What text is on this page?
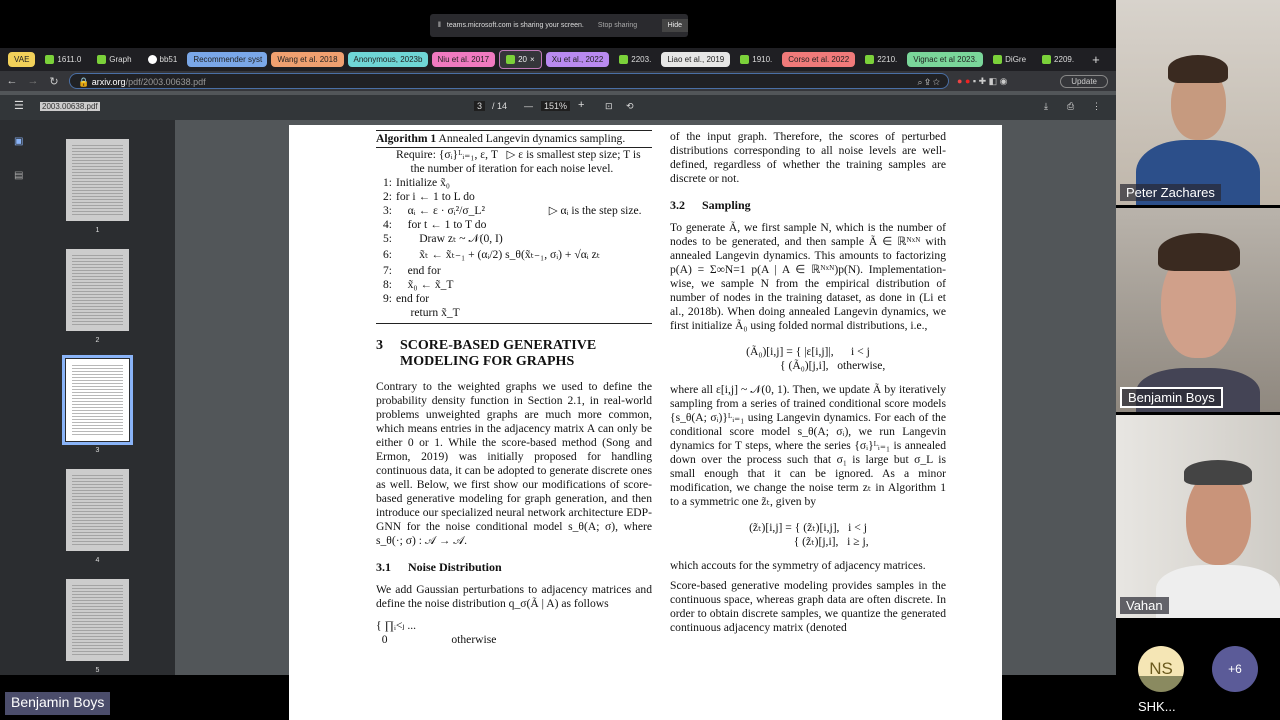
VAE	1611.0	Graph	bb51 Recommender syst Wang et al. 2018 Anonymous, 2023b Niu et al. 2017	20 × Xu et al., 2022	2203. Liao et al., 2019	1910. Corso et al. 2022	2210. Vignac et al 2023.	DiGre	2209. +
← → ↻	🔒 arxiv.org/pdf/2003.00638.pdf	⌕ ⇪ ☆ ● ● ▪ ✚ ◧ ◉	Update
☰ 2003.00638.pdf	3	/ 14 —	151% + ⊡ ⟲	⤓ ⎙ ⋮
▣
▤
1
2
3
4
5
Algorithm 1 Annealed Langevin dynamics sampling.
Require: {σᵢ}ᴸᵢ₌₁, ε, T   ▷ ε is smallest step size; T is
the number of iteration for each noise level.
1: Initialize x̃₀
2: for i ← 1 to L do
3: αᵢ ← ε · σᵢ²/σ_L²                      ▷ αᵢ is the step size.
4: for t ← 1 to T do
5: Draw zₜ ~ 𝒩(0, I)
6: x̃ₜ ← x̃ₜ₋₁ + (αᵢ/2) s_θ(x̃ₜ₋₁, σᵢ) + √αᵢ zₜ
7: end for
8: x̃₀ ← x̃_T
9: end for
return x̃_T
3	SCORE-BASED GENERATIVE MODELING FOR GRAPHS

Contrary to the weighted graphs we used to define the probability density function in Section 2.1, in real-world problems unweighted graphs are much more common, which means entries in the adjacency matrix A can only be either 0 or 1. While the score-based method (Song and Ermon, 2019) was initially proposed for handling continuous data, it can be adopted to generate discrete ones as well. Below, we first show our modifications of score-based generative modeling for graph generation, and then introduce our specialized neural network architecture EDP-GNN for the noise conditional model s_θ(A; σ), where s_θ(·; σ) : 𝒜 → 𝒜.

3.1	Noise Distribution

We add Gaussian perturbations to adjacency matrices and define the noise distribution q_σ(Ã | A) as follows

{ ∏ᵢ<ⱼ ...
0                      otherwise

of the input graph. Therefore, the scores of perturbed distributions corresponding to all noise levels are well-defined, regardless of whether the training samples are discrete or not.

3.2	Sampling

To generate Ã, we first sample N, which is the number of nodes to be generated, and then sample Ã ∈ ℝᴺˣᴺ with annealed Langevin dynamics. This amounts to factorizing p(A) = Σ∞N=1 p(A | A ∈ ℝᴺˣᴺ)p(N). Implementation-wise, we sample N from the empirical distribution of number of nodes in the training dataset, as done in (Li et al., 2018b). When doing annealed Langevin dynamics, we first initialize Ã₀ using folded normal distributions, i.e.,

(Ã₀)[i,j] = { |ε[i,j]|,      i < j
{ (Ã₀)[j,i],   otherwise,

where all ε[i,j] ~ 𝒩(0, 1). Then, we update Ã by iteratively sampling from a series of trained conditional score models {s_θ(A; σᵢ)}ᴸᵢ₌₁ using Langevin dynamics. For each of the conditional score model s_θ(A; σᵢ), we run Langevin dynamics for T steps, where the series {σᵢ}ᴸᵢ₌₁ is annealed down over the process such that σ₁ is large but σ_L is small enough that it can be ignored. As a minor modification, we change the noise term zₜ in Algorithm 1 to a symmetric one z̃ₜ, given by

(z̃ₜ)[i,j] = { (z̃ₜ)[i,j],   i < j
{ (z̃ₜ)[j,i],   i ≥ j,

which accouts for the symmetry of adjacency matrices.

Score-based generative modeling provides samples in the continuous space, whereas graph data are often discrete. In order to obtain discrete samples, we quantize the generated continuous adjacency matrix (denoted

‖ teams.microsoft.com is sharing your screen. Stop sharing	Hide
Benjamin Boys
Peter Zachares
Benjamin Boys
Vahan
NS
SHK...
+6
